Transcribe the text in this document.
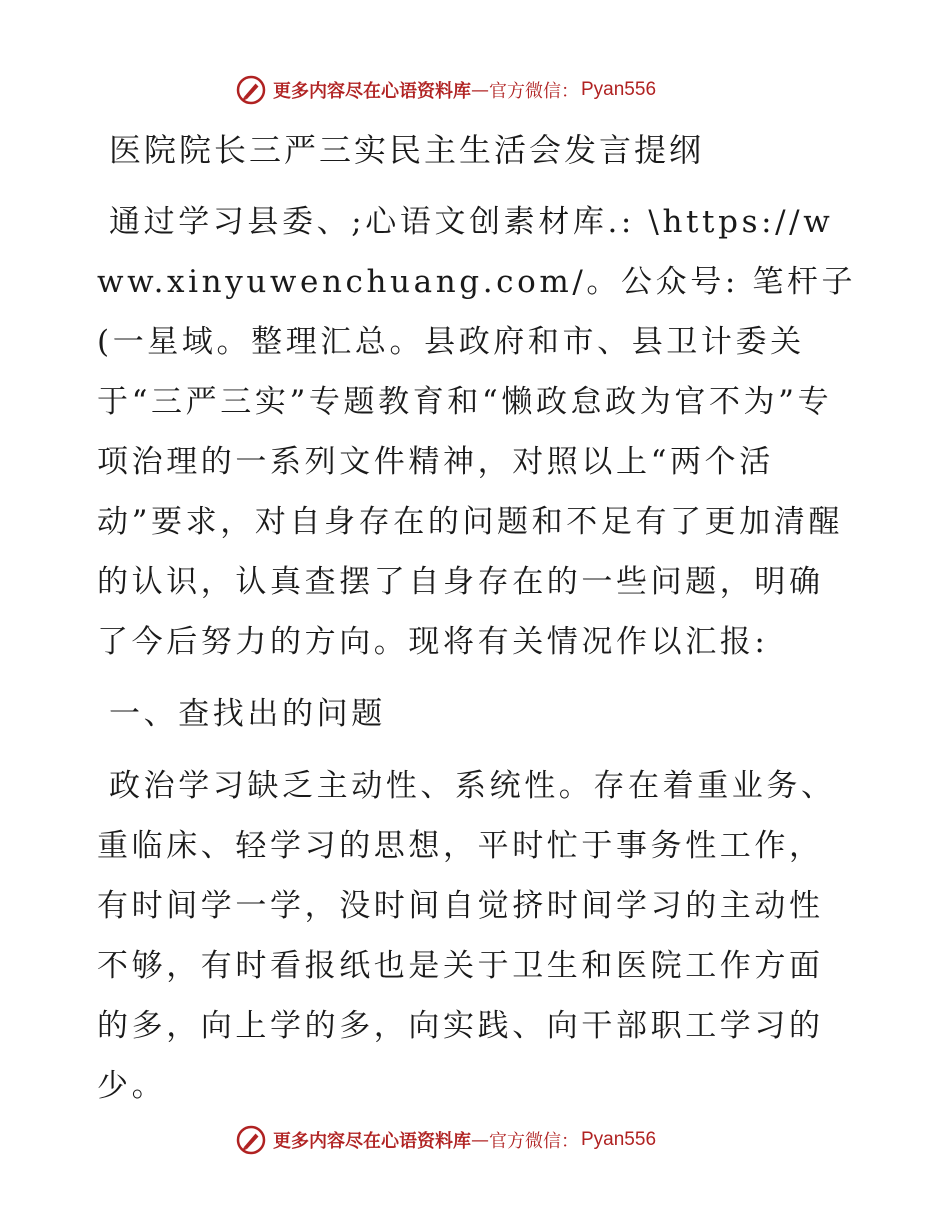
更多内容尽在心语资料库 — 官方微信： Pyan556
医院院长三严三实民主生活会发言提纲

通过学习县委、;心语文创素材库.: \https://www.xinyuwenchuang.com/。公众号: 笔杆子 (一星域。整理汇总。县政府和市、县卫计委关于“三严三实”专题教育和“懒政怠政为官不为”专项治理的一系列文件精神，对照以上“两个活动”要求，对自身存在的问题和不足有了更加清醒的认识，认真查摆了自身存在的一些问题，明确了今后努力的方向。现将有关情况作以汇报:

一、查找出的问题

政治学习缺乏主动性、系统性。存在着重业务、重临床、轻学习的思想，平时忙于事务性工作，有时间学一学，没时间自觉挤时间学习的主动性不够，有时看报纸也是关于卫生和医院工作方面的多，向上学的多，向实践、向干部职工学习的少。

更多内容尽在心语资料库 — 官方微信： Pyan556
